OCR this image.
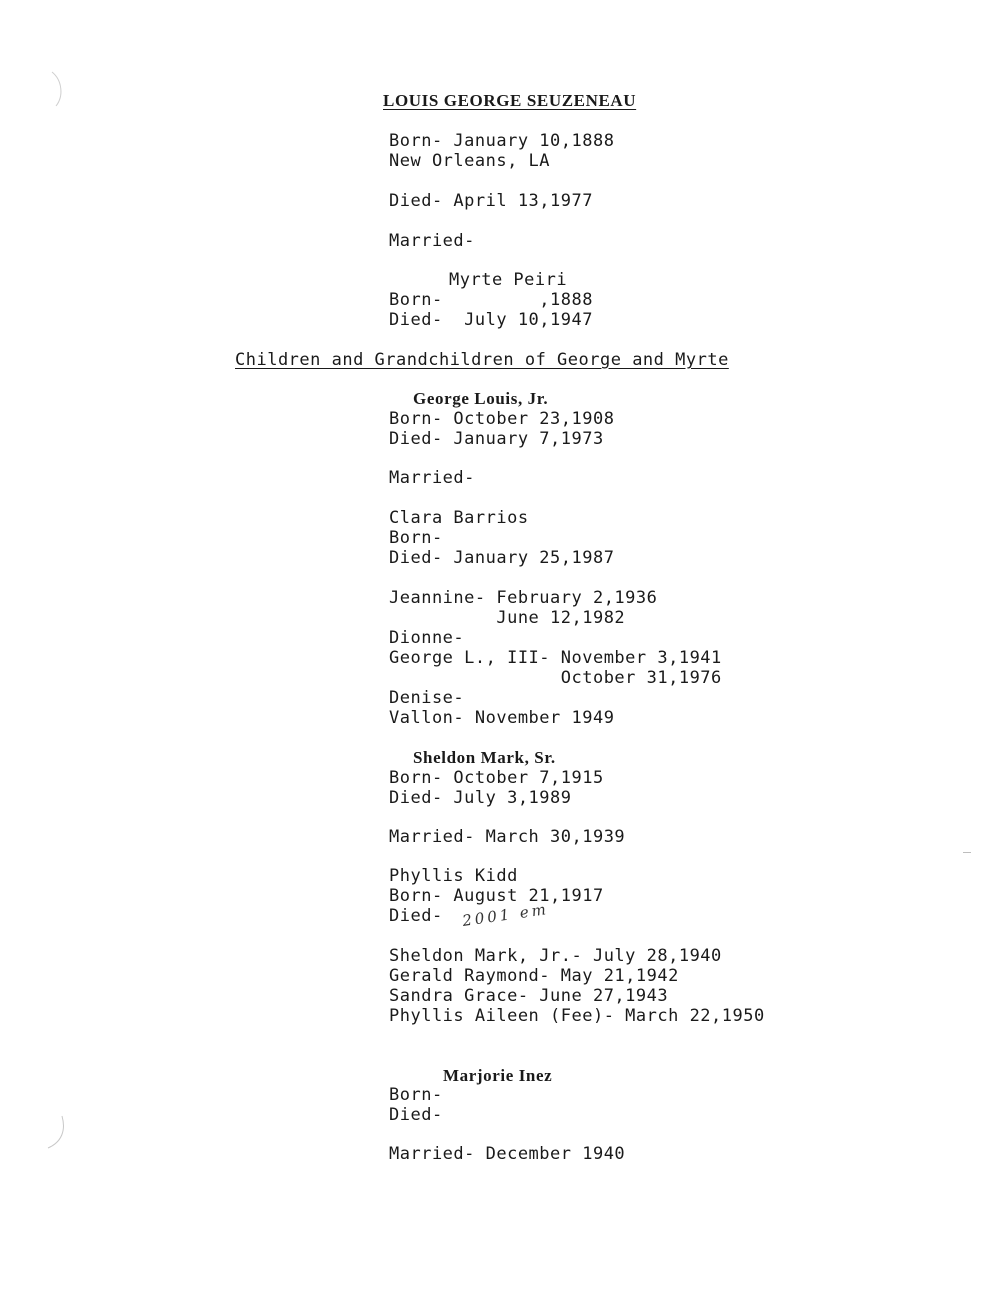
LOUIS GEORGE SEUZENEAU
Born- January 10,1888
New Orleans, LA
Died- April 13,1977
Married-
Myrte Peiri
Born-         ,1888
Died-  July 10,1947
Children and Grandchildren of George and Myrte
George Louis, Jr.
Born- October 23,1908
Died- January 7,1973
Married-
Clara Barrios
Born-
Died- January 25,1987
Jeannine- February 2,1936
June 12,1982
Dionne-
George L., III- November 3,1941
October 31,1976
Denise-
Vallon- November 1949
Sheldon Mark, Sr.
Born- October 7,1915
Died- July 3,1989
Married- March 30,1939
Phyllis Kidd
Born- August 21,1917
Died- 2001 em
Sheldon Mark, Jr.- July 28,1940
Gerald Raymond- May 21,1942
Sandra Grace- June 27,1943
Phyllis Aileen (Fee)- March 22,1950
Marjorie Inez
Born-
Died-
Married- December 1940
